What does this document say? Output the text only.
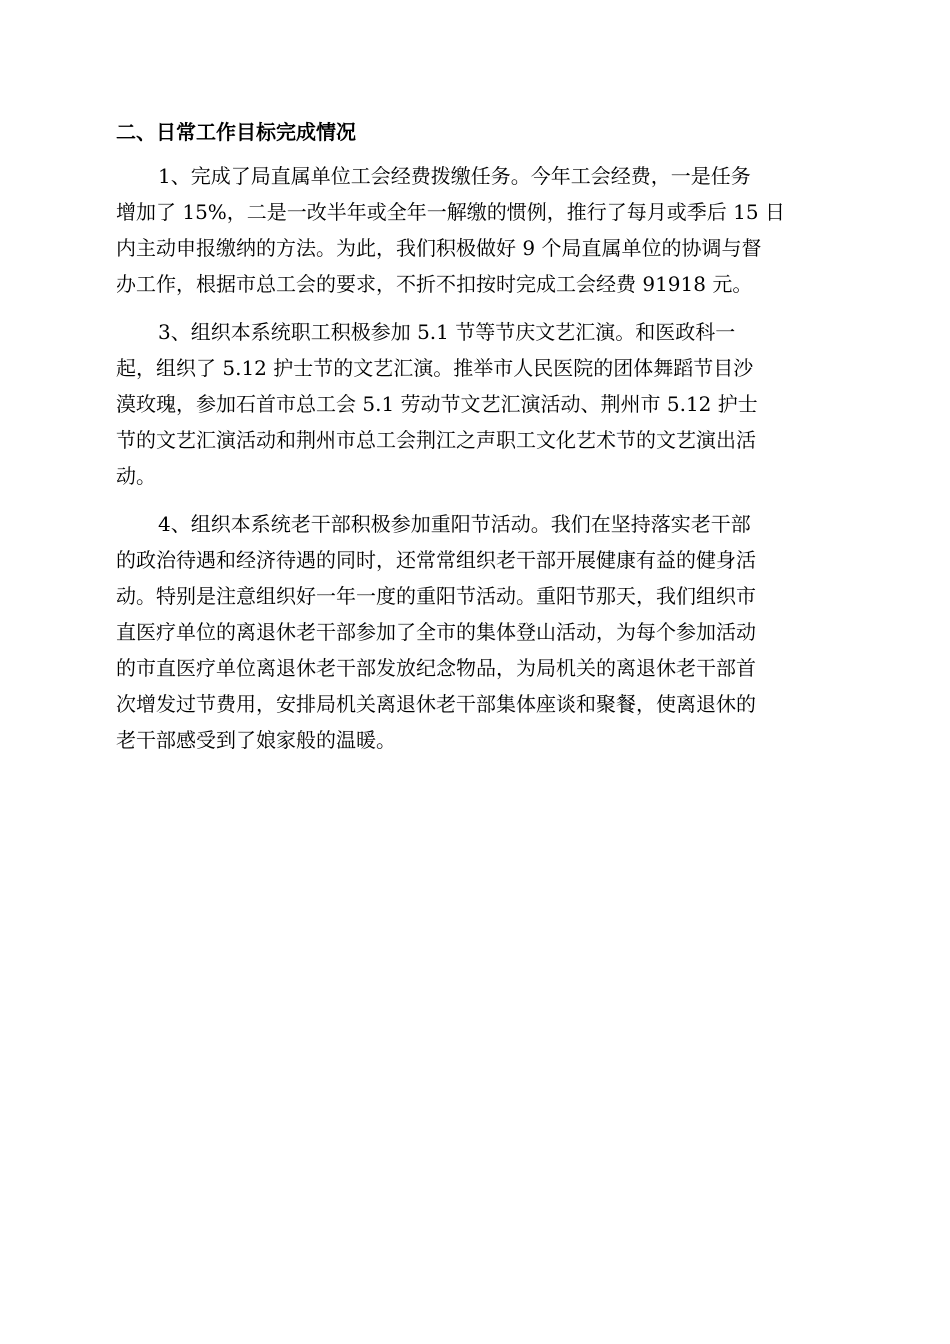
二、日常工作目标完成情况
1、完成了局直属单位工会经费拨缴任务。今年工会经费，一是任务
增加了 15%，二是一改半年或全年一解缴的惯例，推行了每月或季后 15 日
内主动申报缴纳的方法。为此，我们积极做好 9 个局直属单位的协调与督
办工作，根据市总工会的要求，不折不扣按时完成工会经费 91918 元。
3、组织本系统职工积极参加 5.1 节等节庆文艺汇演。和医政科一
起，组织了 5.12 护士节的文艺汇演。推举市人民医院的团体舞蹈节目沙
漠玫瑰，参加石首市总工会 5.1 劳动节文艺汇演活动、荆州市 5.12 护士
节的文艺汇演活动和荆州市总工会荆江之声职工文化艺术节的文艺演出活
动。
4、组织本系统老干部积极参加重阳节活动。我们在坚持落实老干部
的政治待遇和经济待遇的同时，还常常组织老干部开展健康有益的健身活
动。特别是注意组织好一年一度的重阳节活动。重阳节那天，我们组织市
直医疗单位的离退休老干部参加了全市的集体登山活动，为每个参加活动
的市直医疗单位离退休老干部发放纪念物品，为局机关的离退休老干部首
次增发过节费用，安排局机关离退休老干部集体座谈和聚餐，使离退休的
老干部感受到了娘家般的温暖。
